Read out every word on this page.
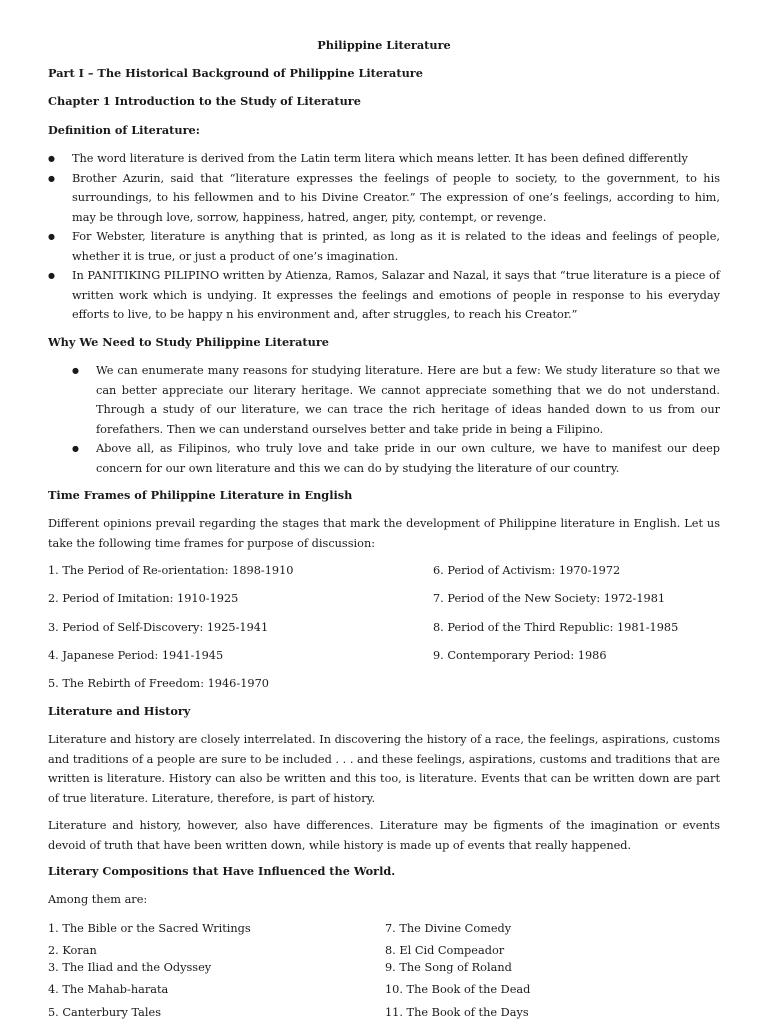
Philippine Literature
Part I – The Historical Background of Philippine Literature
Chapter 1 Introduction to the Study of Literature
Definition of Literature:
● The word literature is derived from the Latin term litera which means letter. It has been defined differently
● Brother Azurin, said that “literature expresses the feelings of people to society, to the government, to his surroundings, to his fellowmen and to his Divine Creator.” The expression of one’s feelings, according to him, may be through love, sorrow, happiness, hatred, anger, pity, contempt, or revenge.
● For Webster, literature is anything that is printed, as long as it is related to the ideas and feelings of people, whether it is true, or just a product of one’s imagination.
● In PANITIKING PILIPINO written by Atienza, Ramos, Salazar and Nazal, it says that “true literature is a piece of written work which is undying. It expresses the feelings and emotions of people in response to his everyday efforts to live, to be happy n his environment and, after struggles, to reach his Creator.”
Why We Need to Study Philippine Literature
● We can enumerate many reasons for studying literature. Here are but a few: We study literature so that we can better appreciate our literary heritage. We cannot appreciate something that we do not understand. Through a study of our literature, we can trace the rich heritage of ideas handed down to us from our forefathers. Then we can understand ourselves better and take pride in being a Filipino.
● Above all, as Filipinos, who truly love and take pride in our own culture, we have to manifest our deep concern for our own literature and this we can do by studying the literature of our country.
Time Frames of Philippine Literature in English
Different opinions prevail regarding the stages that mark the development of Philippine literature in English. Let us take the following time frames for purpose of discussion:
1. The Period of Re-orientation: 1898-1910
2. Period of Imitation: 1910-1925
3. Period of Self-Discovery: 1925-1941
4. Japanese Period: 1941-1945
5. The Rebirth of Freedom: 1946-1970
6. Period of Activism: 1970-1972
7. Period of the New Society: 1972-1981
8. Period of the Third Republic: 1981-1985
9. Contemporary Period: 1986
Literature and History
Literature and history are closely interrelated. In discovering the history of a race, the feelings, aspirations, customs and traditions of a people are sure to be included . . . and these feelings, aspirations, customs and traditions that are written is literature. History can also be written and this too, is literature. Events that can be written down are part of true literature. Literature, therefore, is part of history.
Literature and history, however, also have differences. Literature may be figments of the imagination or events devoid of truth that have been written down, while history is made up of events that really happened.
Literary Compositions that Have Influenced the World.
Among them are:
1. The Bible or the Sacred Writings
2. Koran
3. The Iliad and the Odyssey
4. The Mahab-harata
5. Canterbury Tales
7. The Divine Comedy
8. El Cid Compeador
9. The Song of Roland
10. The Book of the Dead
11. The Book of the Days
